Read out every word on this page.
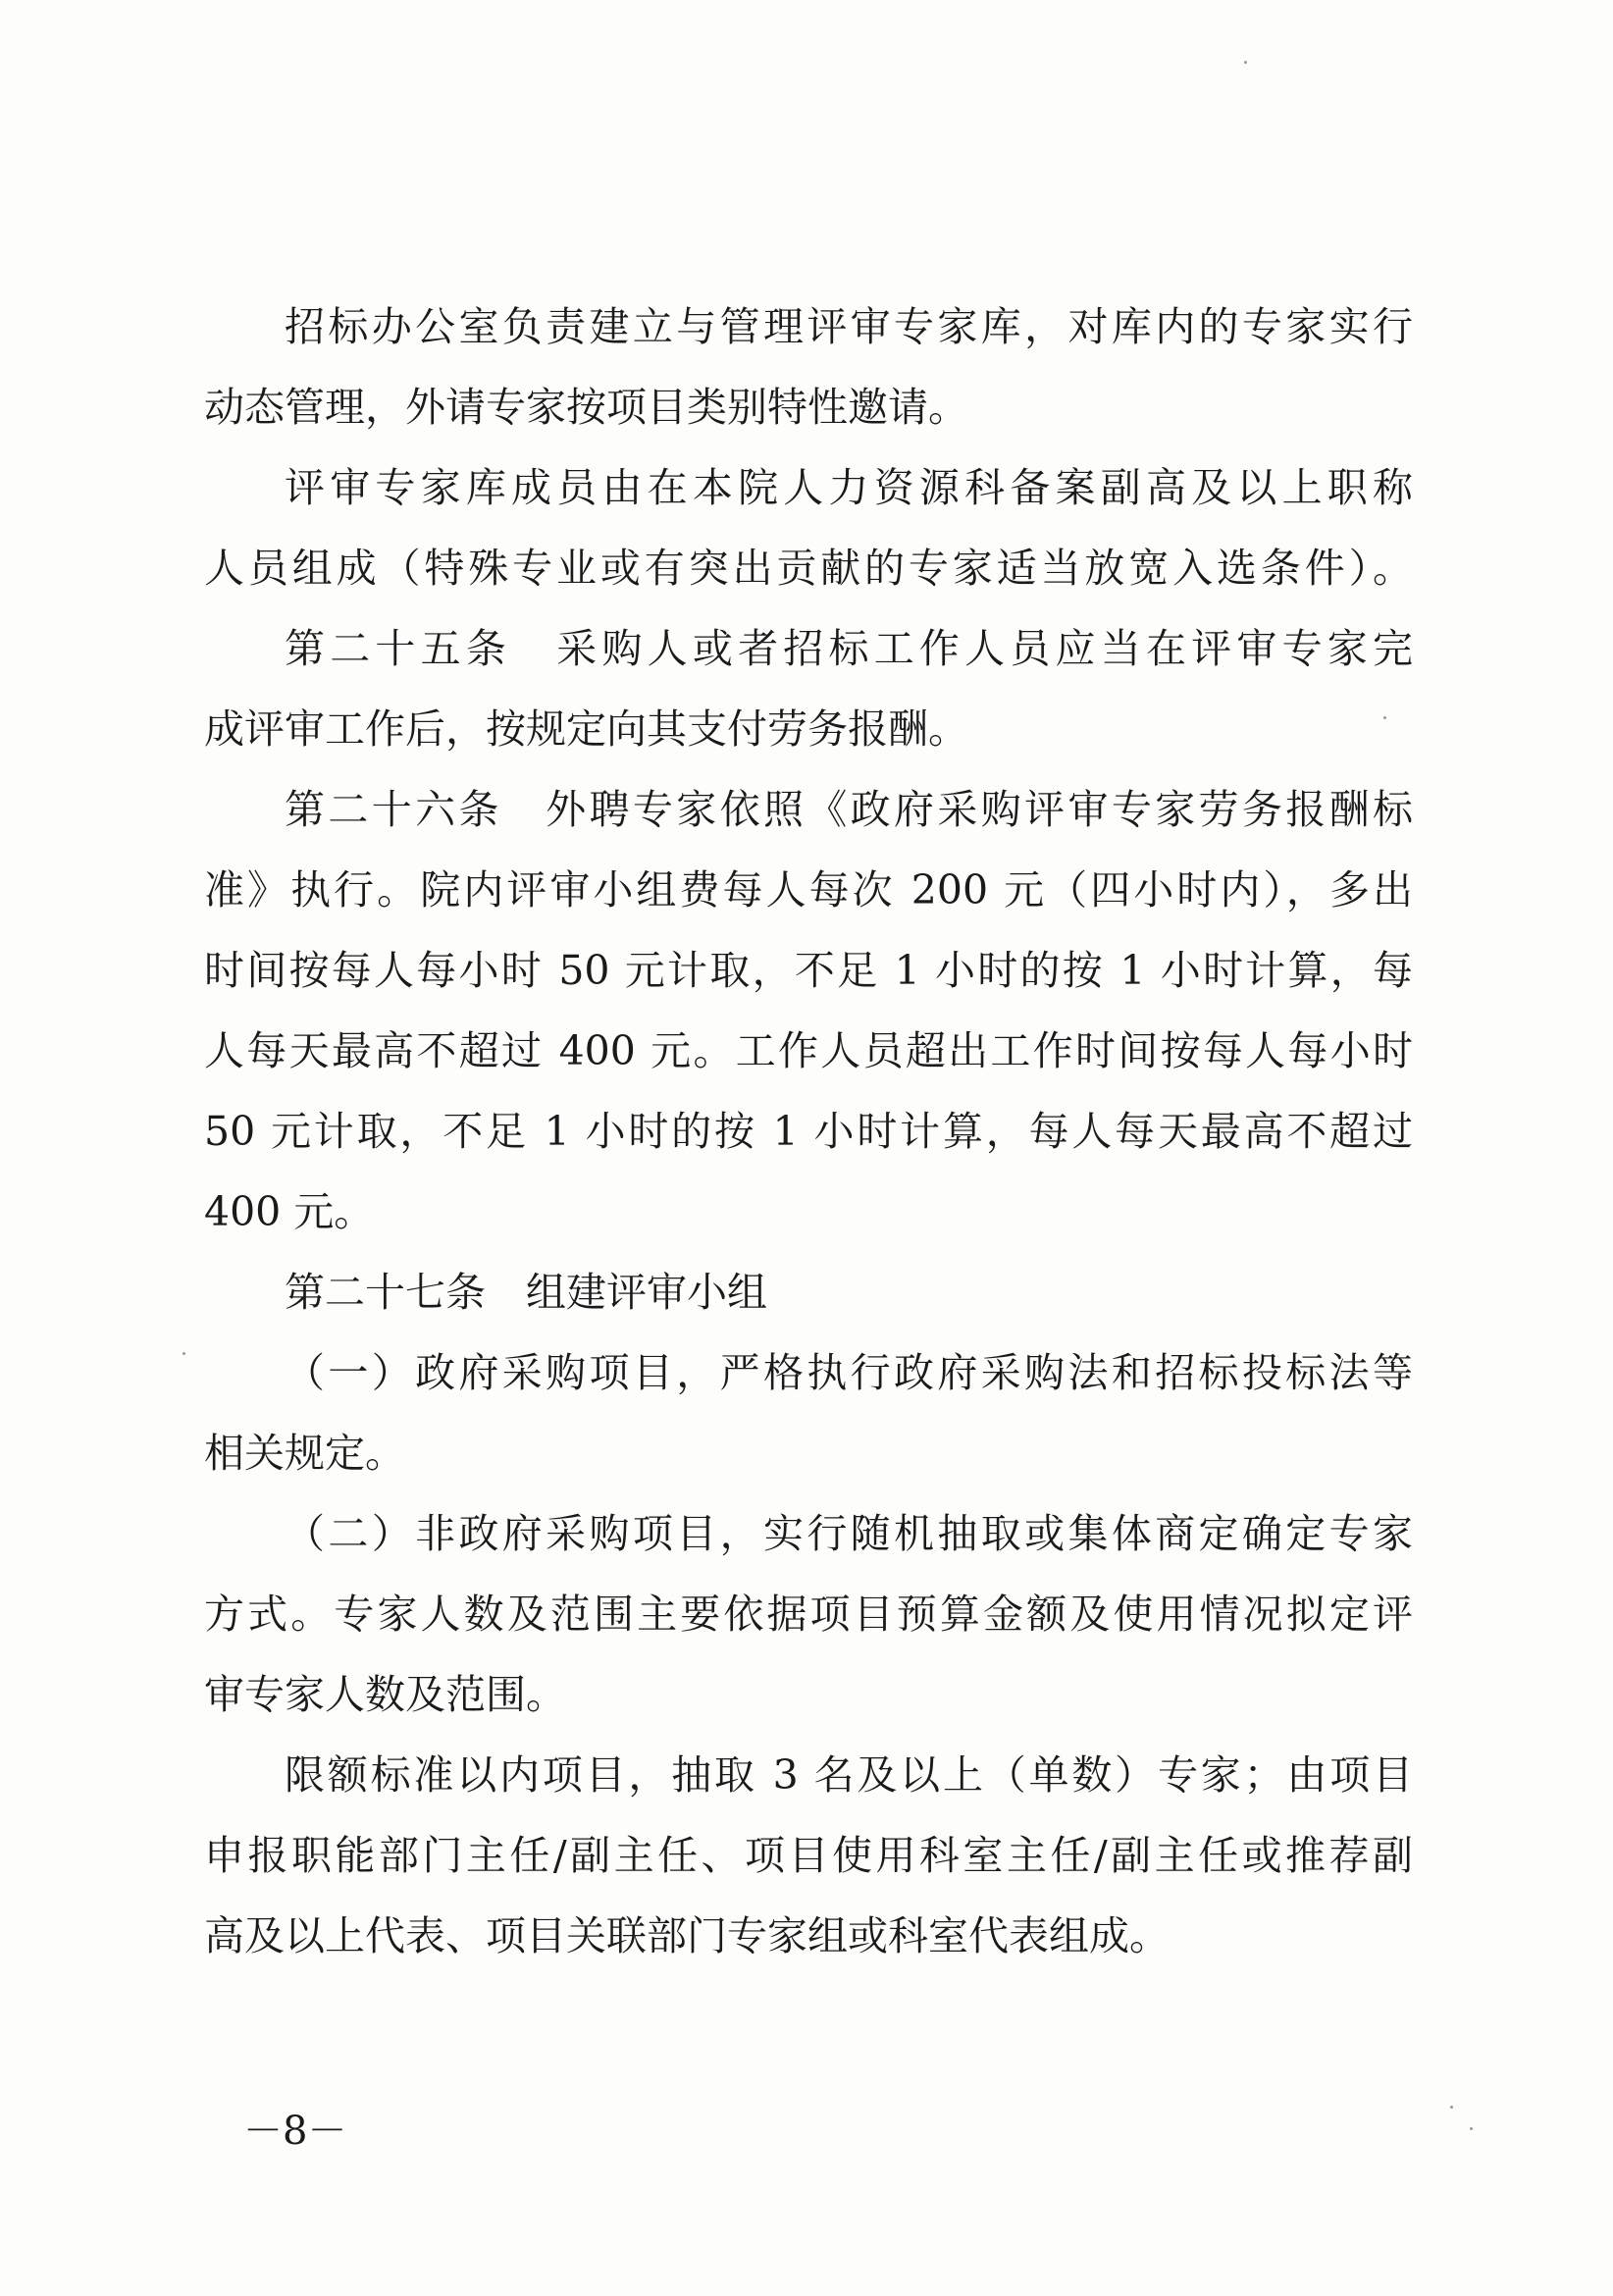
招标办公室负责建立与管理评审专家库，对库内的专家实行
动态管理，外请专家按项目类别特性邀请。
评审专家库成员由在本院人力资源科备案副高及以上职称
人员组成（特殊专业或有突出贡献的专家适当放宽入选条件）。
第二十五条　采购人或者招标工作人员应当在评审专家完
成评审工作后，按规定向其支付劳务报酬。
第二十六条　外聘专家依照《政府采购评审专家劳务报酬标
准》执行。院内评审小组费每人每次 200 元（四小时内），多出
时间按每人每小时 50 元计取，不足 1 小时的按 1 小时计算，每
人每天最高不超过 400 元。工作人员超出工作时间按每人每小时
50 元计取，不足 1 小时的按 1 小时计算，每人每天最高不超过
400 元。
第二十七条　组建评审小组
（一）政府采购项目，严格执行政府采购法和招标投标法等
相关规定。
（二）非政府采购项目，实行随机抽取或集体商定确定专家
方式。专家人数及范围主要依据项目预算金额及使用情况拟定评
审专家人数及范围。
限额标准以内项目，抽取 3 名及以上（单数）专家；由项目
申报职能部门主任/副主任、项目使用科室主任/副主任或推荐副
高及以上代表、项目关联部门专家组或科室代表组成。
－8－
